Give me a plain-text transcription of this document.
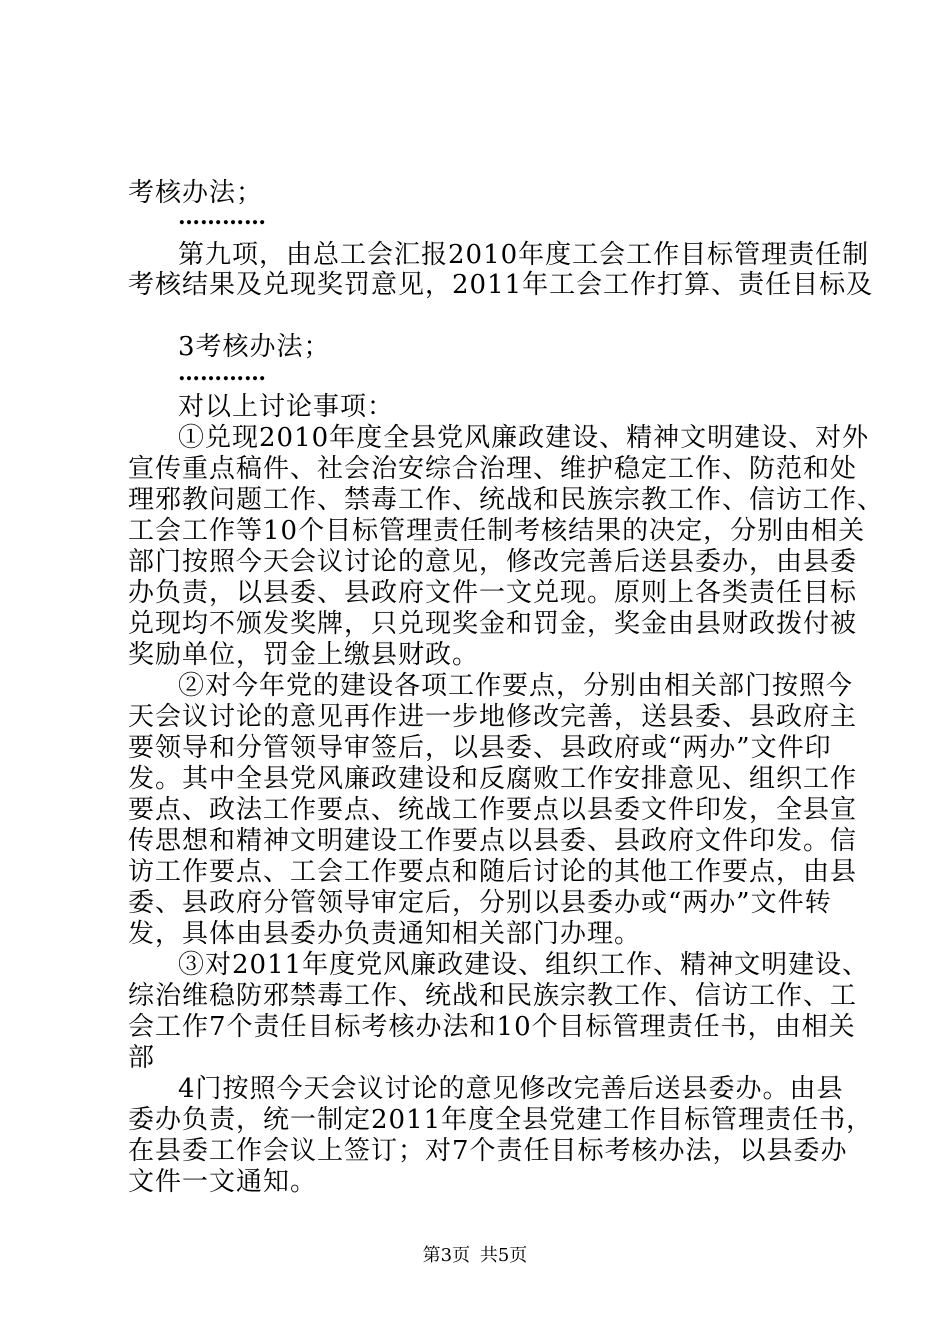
考核办法；
…………
第九项，由总工会汇报2010年度工会工作目标管理责任制
考核结果及兑现奖罚意见，2011年工会工作打算、责任目标及
3考核办法；
…………
对以上讨论事项：
①兑现2010年度全县党风廉政建设、精神文明建设、对外
宣传重点稿件、社会治安综合治理、维护稳定工作、防范和处
理邪教问题工作、禁毒工作、统战和民族宗教工作、信访工作、
工会工作等10个目标管理责任制考核结果的决定，分别由相关
部门按照今天会议讨论的意见，修改完善后送县委办，由县委
办负责，以县委、县政府文件一文兑现。原则上各类责任目标
兑现均不颁发奖牌，只兑现奖金和罚金，奖金由县财政拨付被
奖励单位，罚金上缴县财政。
②对今年党的建设各项工作要点，分别由相关部门按照今
天会议讨论的意见再作进一步地修改完善，送县委、县政府主
要领导和分管领导审签后，以县委、县政府或“两办”文件印
发。其中全县党风廉政建设和反腐败工作安排意见、组织工作
要点、政法工作要点、统战工作要点以县委文件印发，全县宣
传思想和精神文明建设工作要点以县委、县政府文件印发。信
访工作要点、工会工作要点和随后讨论的其他工作要点，由县
委、县政府分管领导审定后，分别以县委办或“两办”文件转
发，具体由县委办负责通知相关部门办理。
③对2011年度党风廉政建设、组织工作、精神文明建设、
综治维稳防邪禁毒工作、统战和民族宗教工作、信访工作、工
会工作7个责任目标考核办法和10个目标管理责任书，由相关
部
4门按照今天会议讨论的意见修改完善后送县委办。由县
委办负责，统一制定2011年度全县党建工作目标管理责任书，
在县委工作会议上签订；对7个责任目标考核办法，以县委办
文件一文通知。
第3页 共5页
